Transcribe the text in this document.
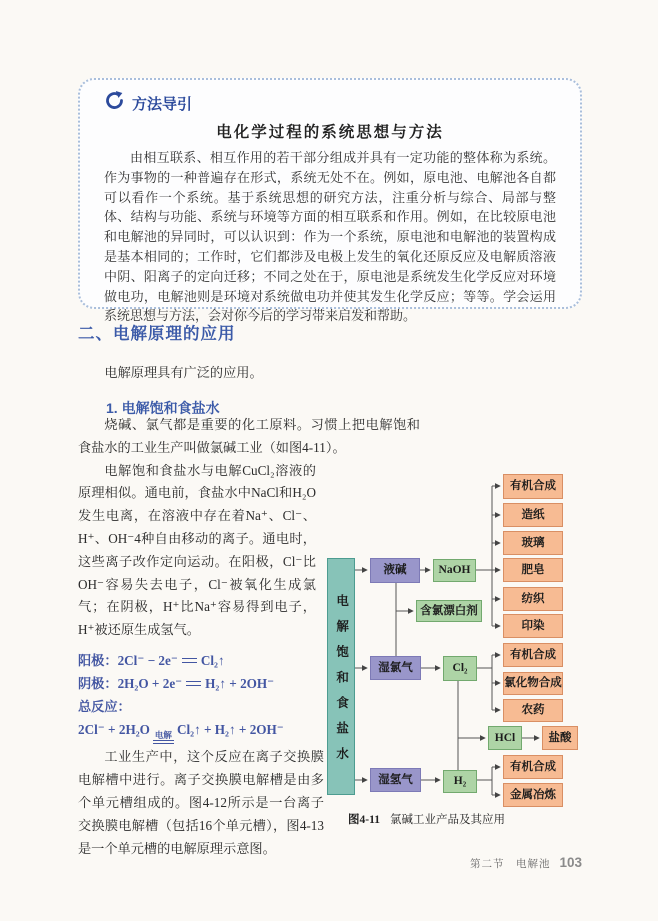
方法导引
电化学过程的系统思想与方法
由相互联系、相互作用的若干部分组成并具有一定功能的整体称为系统。作为事物的一种普遍存在形式，系统无处不在。例如，原电池、电解池各自都可以看作一个系统。基于系统思想的研究方法，注重分析与综合、局部与整体、结构与功能、系统与环境等方面的相互联系和作用。例如，在比较原电池和电解池的异同时，可以认识到：作为一个系统，原电池和电解池的装置构成是基本相同的；工作时，它们都涉及电极上发生的氧化还原反应及电解质溶液中阴、阳离子的定向迁移；不同之处在于，原电池是系统发生化学反应对环境做电功，电解池则是环境对系统做电功并使其发生化学反应；等等。学会运用系统思想与方法，会对你今后的学习带来启发和帮助。
二、电解原理的应用
电解原理具有广泛的应用。
1. 电解饱和食盐水
烧碱、氯气都是重要的化工原料。习惯上把电解饱和食盐水的工业生产叫做氯碱工业（如图4-11）。
电解饱和食盐水与电解CuCl₂溶液的原理相似。通电前，食盐水中NaCl和H₂O发生电离，在溶液中存在着Na⁺、Cl⁻、H⁺、OH⁻4种自由移动的离子。通电时，这些离子改作定向运动。在阳极，Cl⁻比OH⁻容易失去电子，Cl⁻被氧化生成氯气；在阴极，H⁺比Na⁺容易得到电子，H⁺被还原生成氢气。
阳极：2Cl⁻ − 2e⁻ Cl₂↑
阴极：2H₂O + 2e⁻ H₂↑ + 2OH⁻
总反应：
2Cl⁻ + 2H₂O 电解 Cl₂↑ + H₂↑ + 2OH⁻
工业生产中，这个反应在离子交换膜电解槽中进行。离子交换膜电解槽是由多个单元槽组成的。图4-12所示是一台离子交换膜电解槽（包括16个单元槽），图4-13是一个单元槽的电解原理示意图。
电解饱和食盐水
液碱	NaOH
含氯漂白剂
湿氯气	Cl₂
HCl	盐酸
湿氢气	H₂
有机合成
造纸
玻璃
肥皂
纺织
印染
有机合成
氯化物合成
农药
有机合成
金属冶炼
图4-11 氯碱工业产品及其应用
第二节　电解池 103
